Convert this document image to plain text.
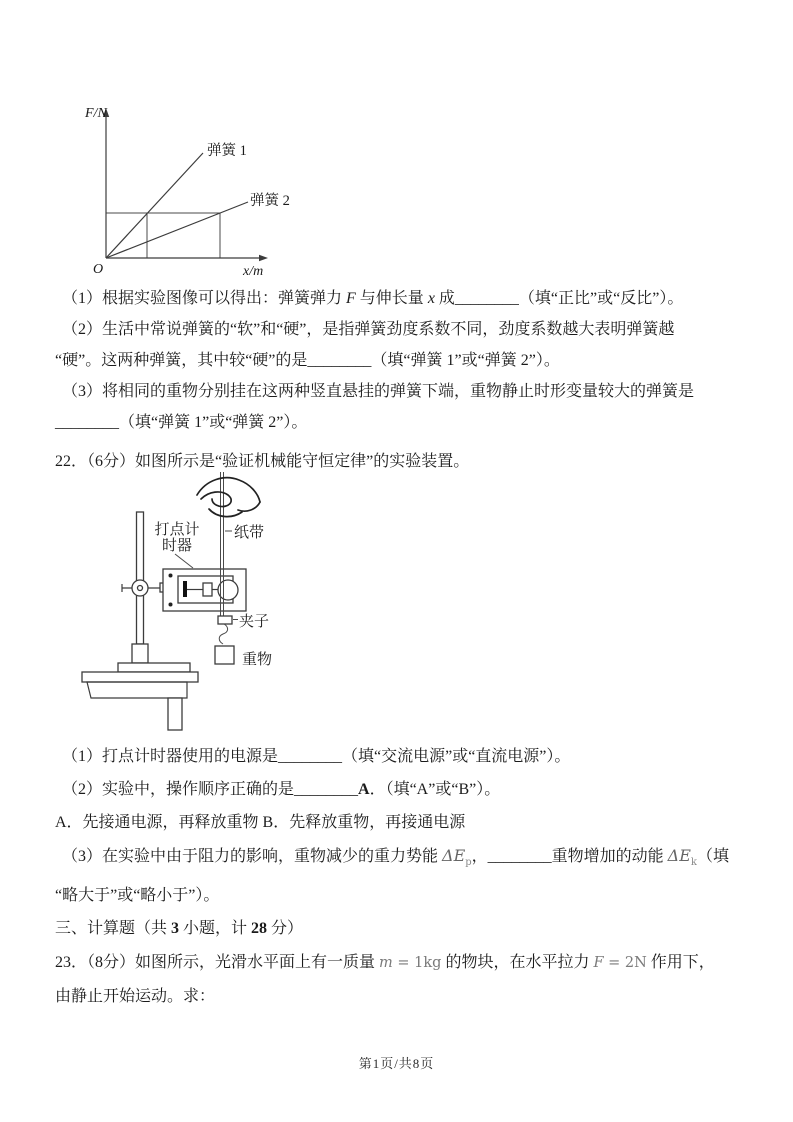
F/N
O	x/m
弹簧 1
弹簧 2
（1）根据实验图像可以得出：弹簧弹力 F 与伸长量 x 成________（填“正比”或“反比”）。
（2）生活中常说弹簧的“软”和“硬”，是指弹簧劲度系数不同，劲度系数越大表明弹簧越
“硬”。这两种弹簧，其中较“硬”的是________（填“弹簧 1”或“弹簧 2”）。
（3）将相同的重物分别挂在这两种竖直悬挂的弹簧下端，重物静止时形变量较大的弹簧是
________（填“弹簧 1”或“弹簧 2”）。
22．（6分）如图所示是“验证机械能守恒定律”的实验装置。
打点计
时器
纸带
夹子
重物
（1）打点计时器使用的电源是________（填“交流电源”或“直流电源”）。
（2）实验中，操作顺序正确的是________A．（填“A”或“B”）。
A．先接通电源，再释放重物 B．先释放重物，再接通电源
（3）在实验中由于阻力的影响，重物减少的重力势能 $\Delta E_p$，________重物增加的动能 $\Delta E_k$（填
“略大于”或“略小于”）。
三、计算题（共 3 小题，计 28 分）
23．（8分）如图所示，光滑水平面上有一质量 m = 1kg 的物块，在水平拉力 F = 2N 作用下，
由静止开始运动。求：
第1页/共8页
